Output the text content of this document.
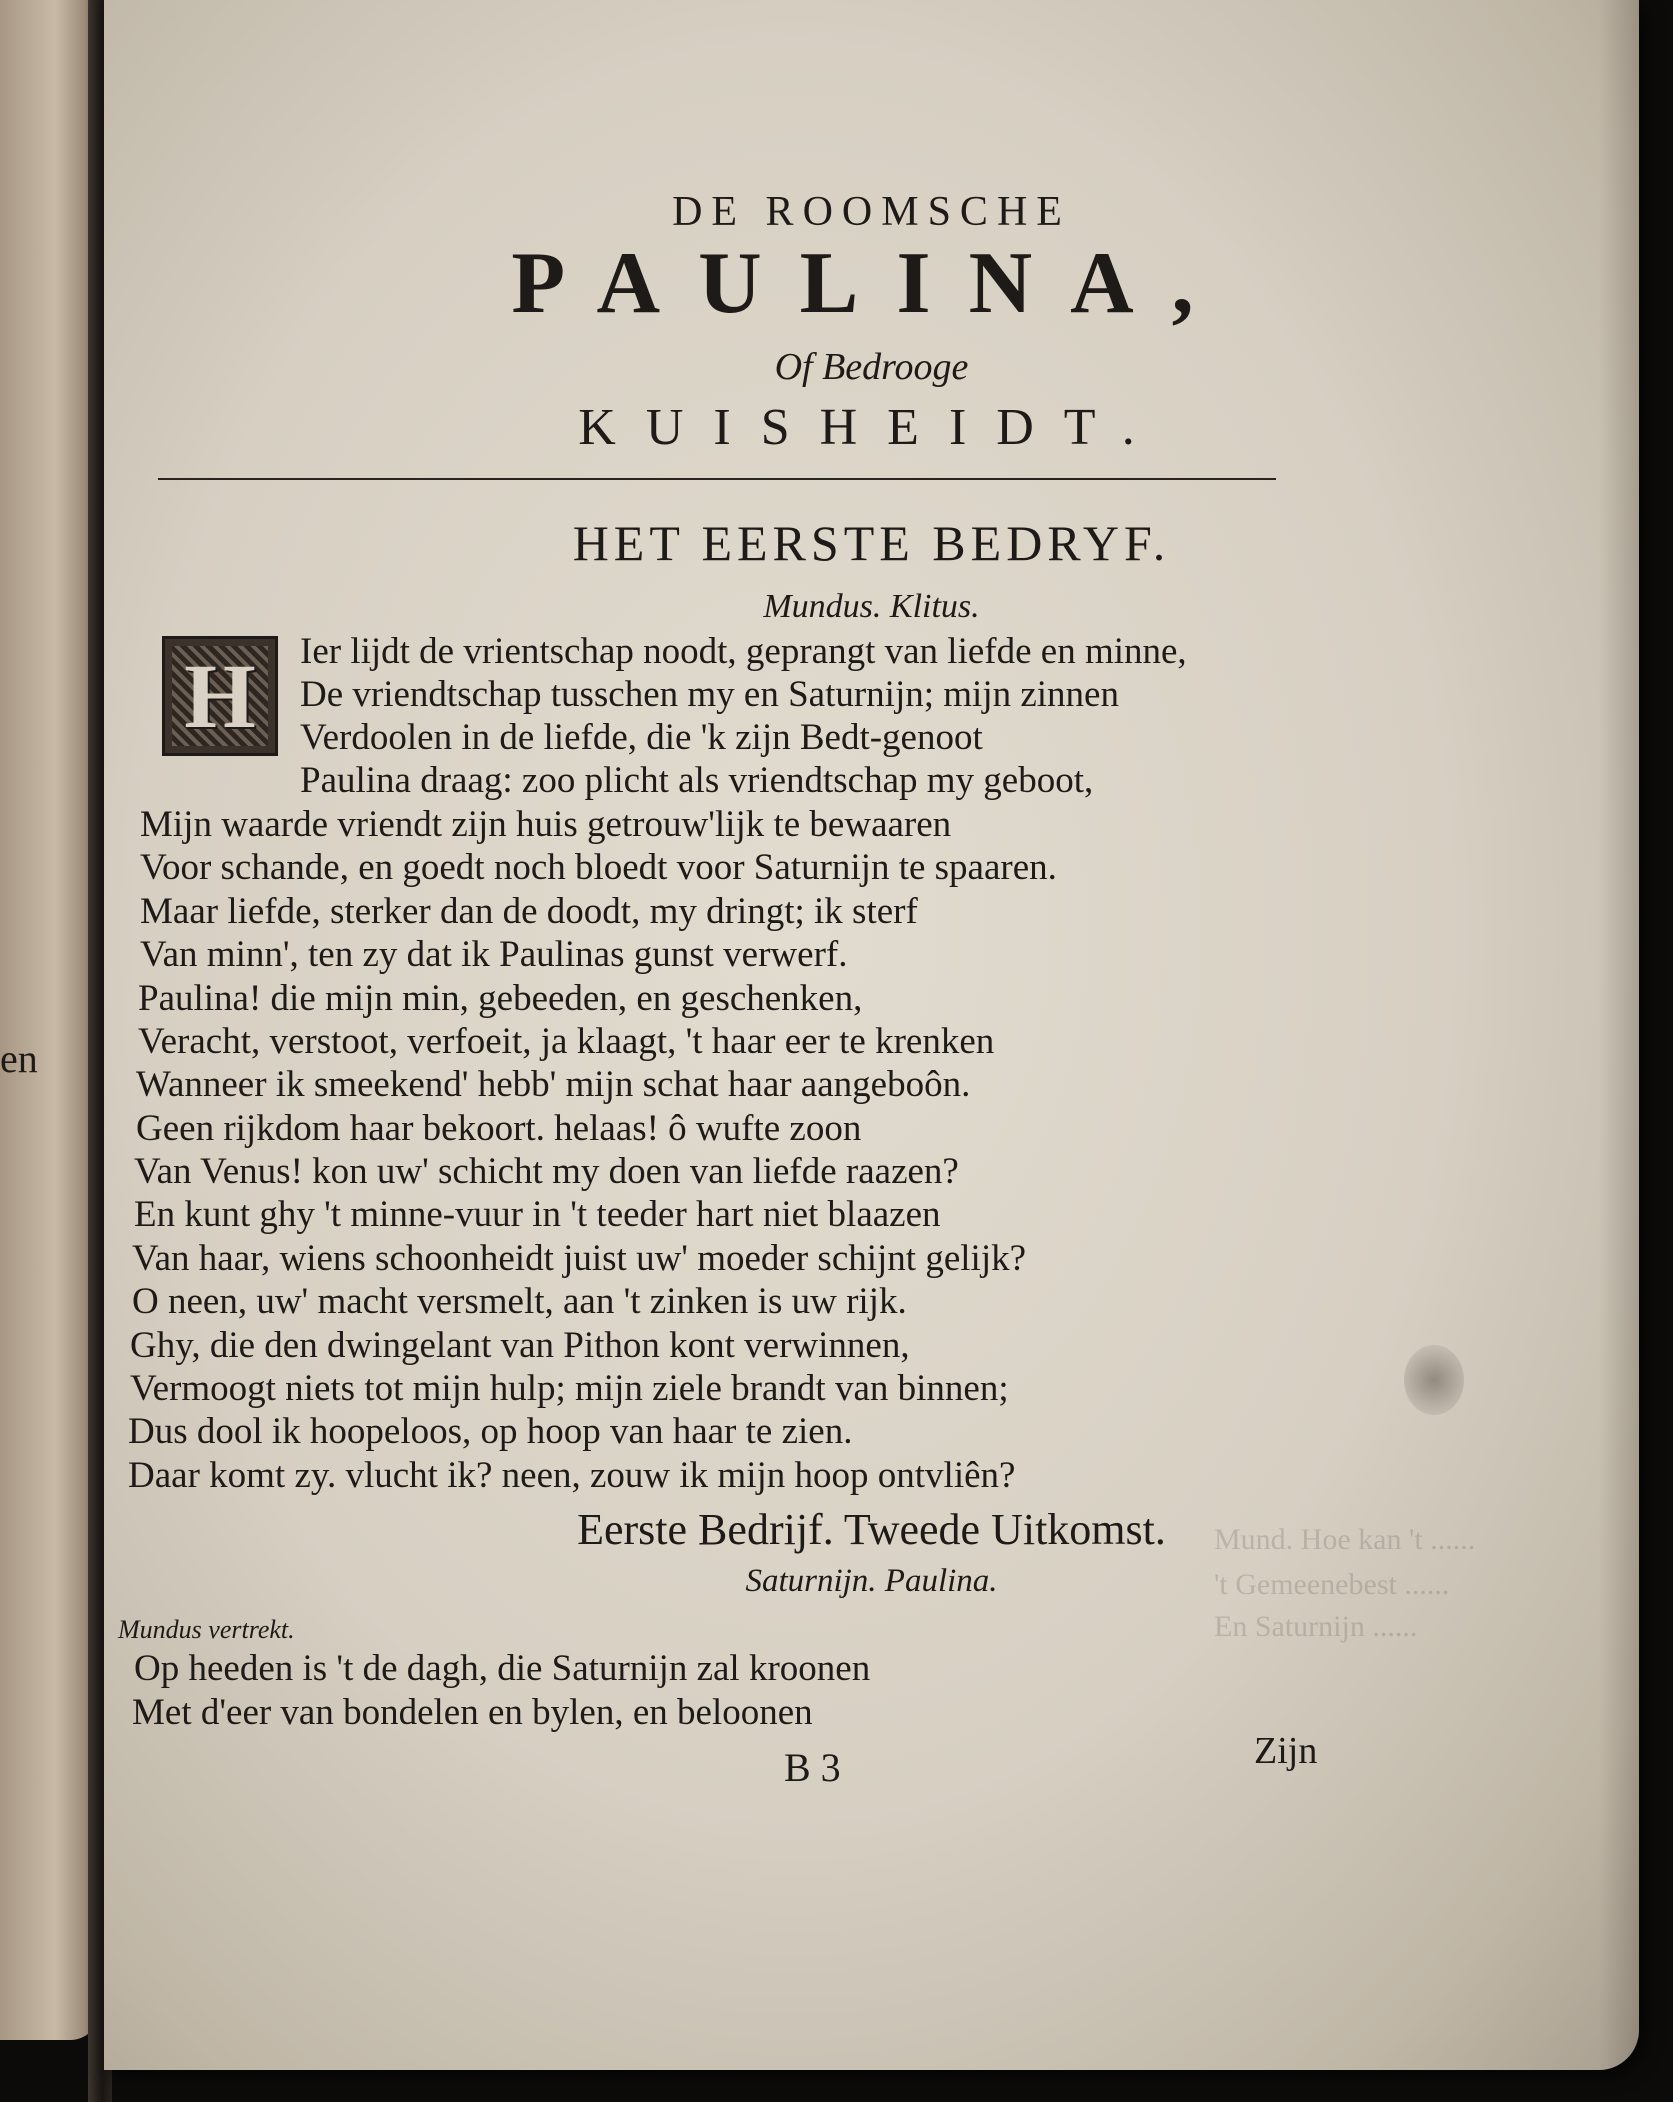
en
Mund. Hoe kan 't ......
't Gemeenebest ......
En Saturnijn ......
DE ROOMSCHE
PAULINA,
Of Bedrooge
KUISHEIDT.
HET EERSTE BEDRYF.
Mundus. Klitus.
H Ier lijdt de vrientschap noodt, geprangt van liefde en minne,
De vriendtschap tusschen my en Saturnijn; mijn zinnen
Verdoolen in de liefde, die 'k zijn Bedt-genoot
Paulina draag: zoo plicht als vriendtschap my geboot,
Mijn waarde vriendt zijn huis getrouw'lijk te bewaaren
Voor schande, en goedt noch bloedt voor Saturnijn te spaaren.
Maar liefde, sterker dan de doodt, my dringt; ik sterf
Van minn', ten zy dat ik Paulinas gunst verwerf.
Paulina! die mijn min, gebeeden, en geschenken,
Veracht, verstoot, verfoeit, ja klaagt, 't haar eer te krenken
Wanneer ik smeekend' hebb' mijn schat haar aangeboôn.
Geen rijkdom haar bekoort. helaas! ô wufte zoon
Van Venus! kon uw' schicht my doen van liefde raazen?
En kunt ghy 't minne-vuur in 't teeder hart niet blaazen
Van haar, wiens schoonheidt juist uw' moeder schijnt gelijk?
O neen, uw' macht versmelt, aan 't zinken is uw rijk.
Ghy, die den dwingelant van Pithon kont verwinnen,
Vermoogt niets tot mijn hulp; mijn ziele brandt van binnen;
Dus dool ik hoopeloos, op hoop van haar te zien.
Daar komt zy. vlucht ik? neen, zouw ik mijn hoop ontvliên?
Eerste Bedrijf. Tweede Uitkomst.
Saturnijn. Paulina.
Mundus vertrekt.
Op heeden is 't de dagh, die Saturnijn zal kroonen
Met d'eer van bondelen en bylen, en beloonen
B 3	Zijn
